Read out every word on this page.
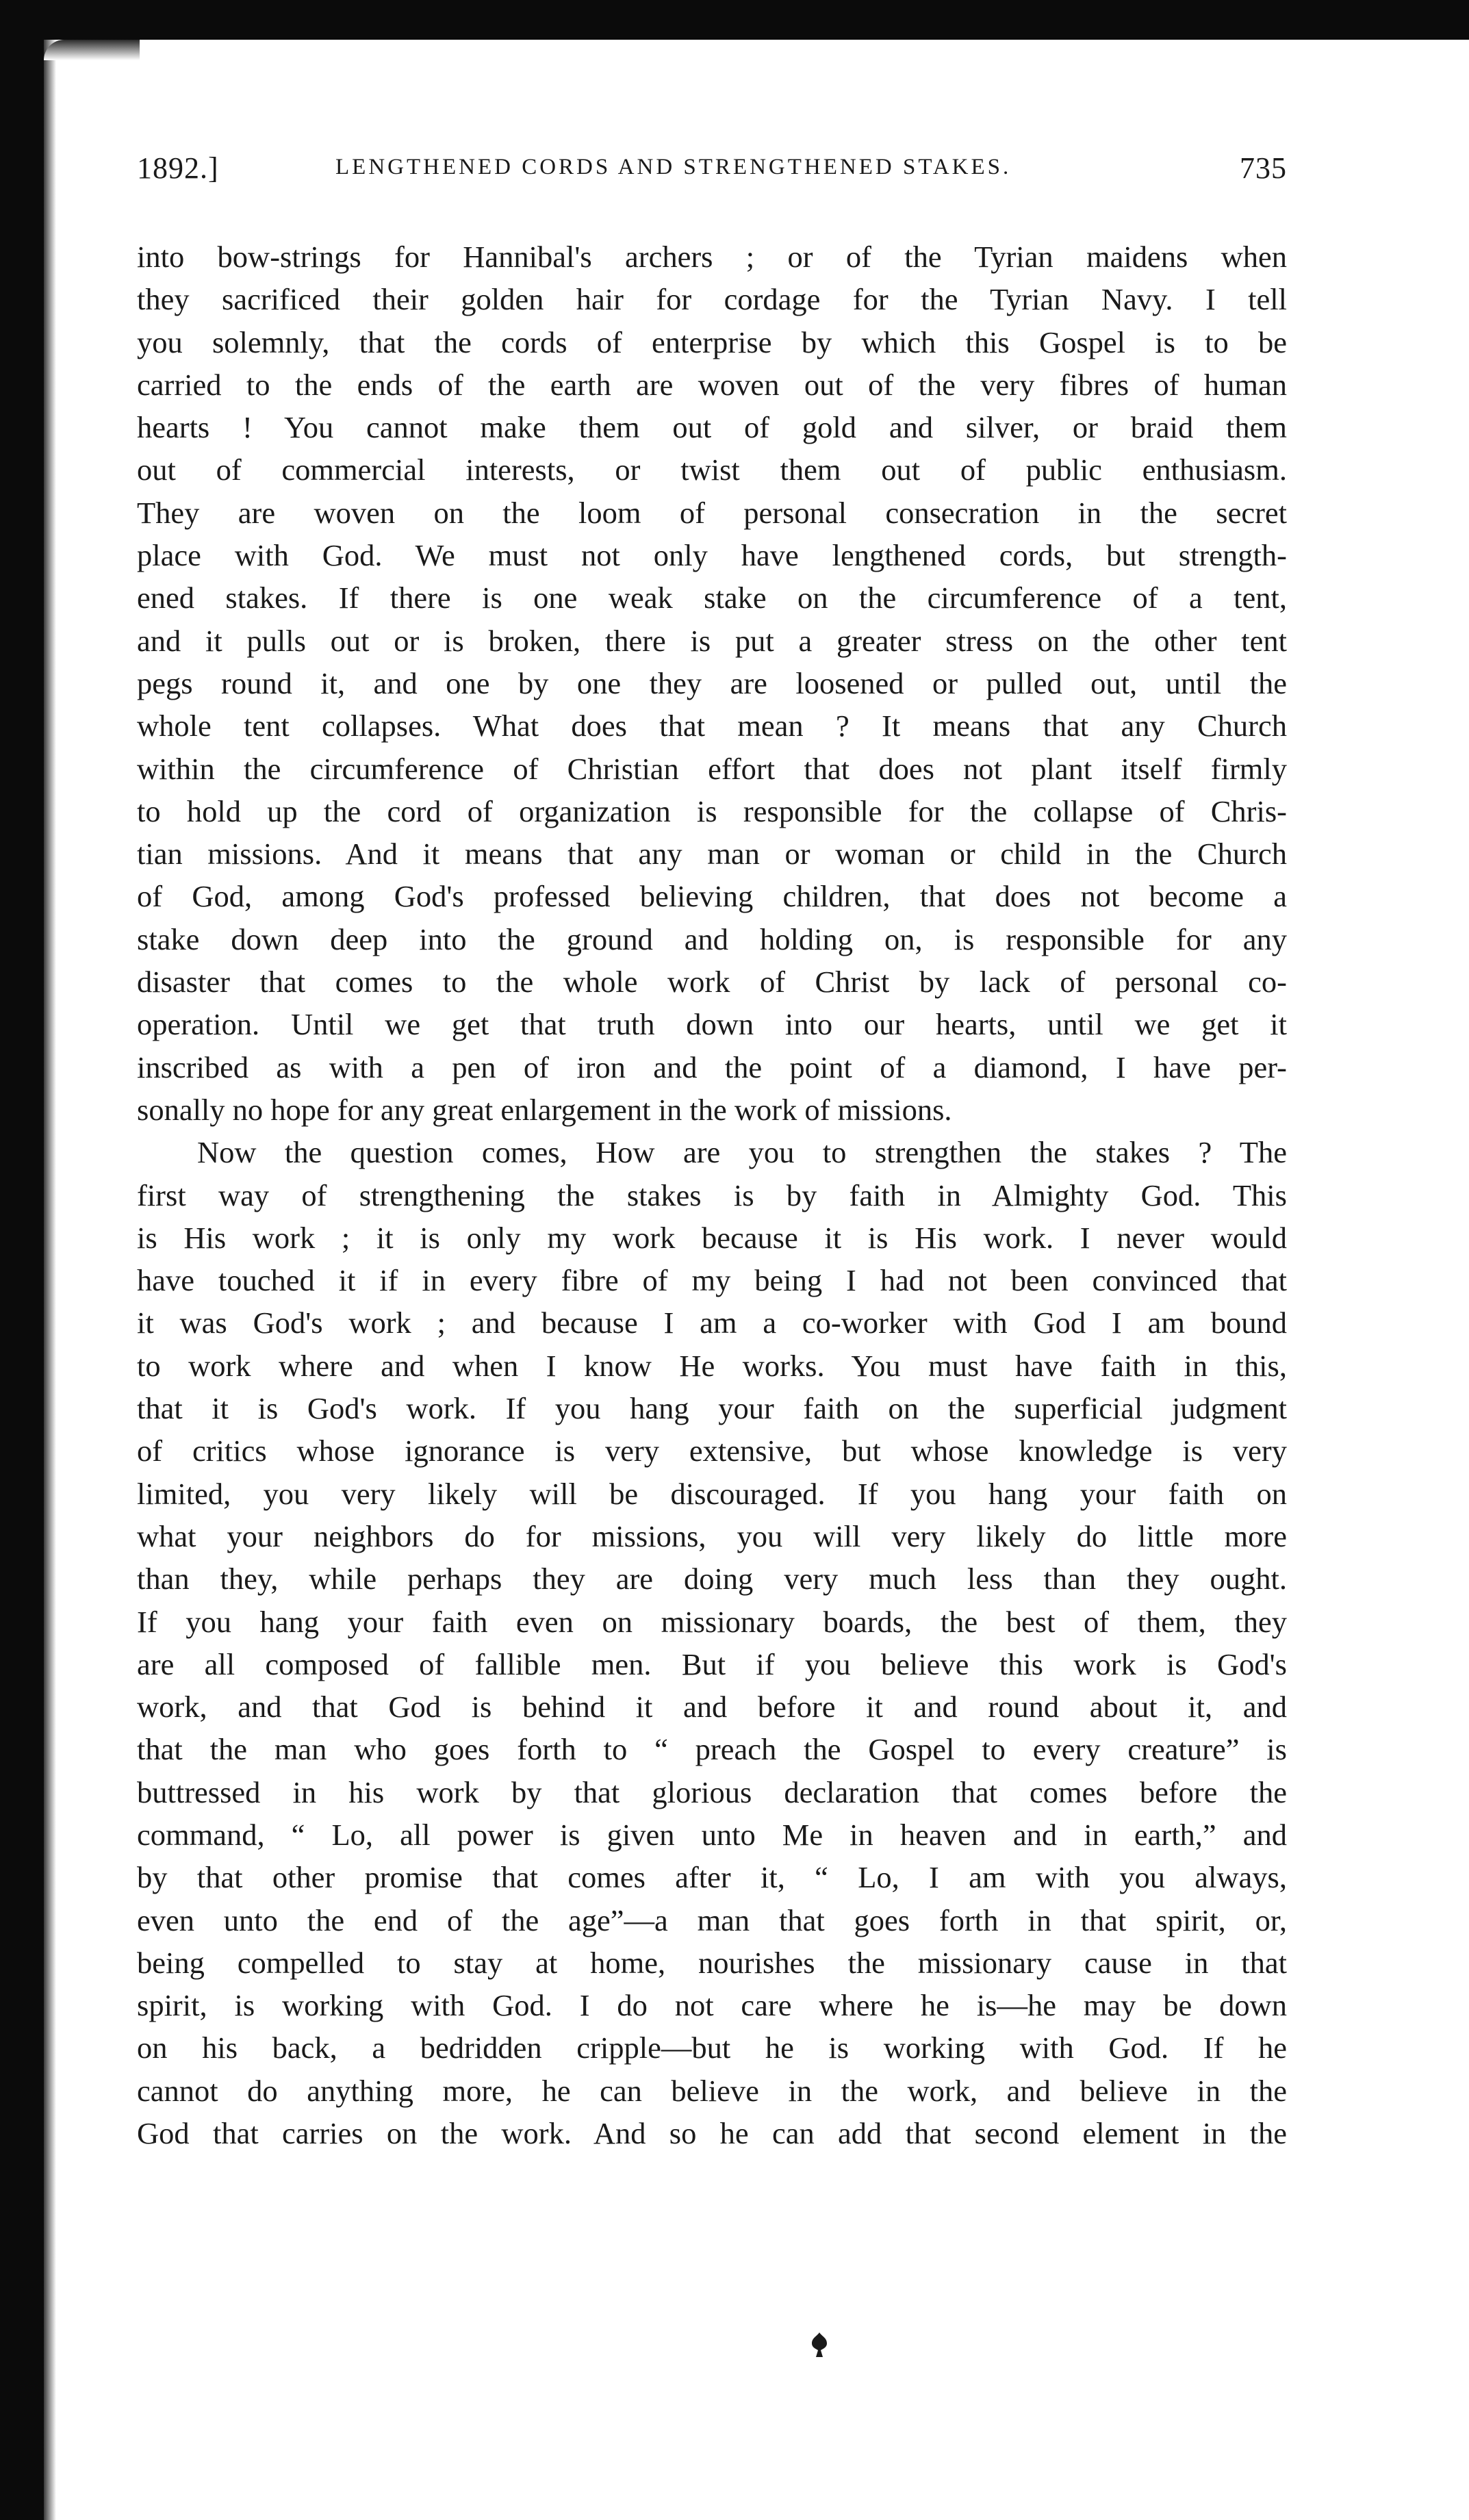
1892.]	LENGTHENED CORDS AND STRENGTHENED STAKES.	735

into bow-strings for Hannibal's archers ; or of the Tyrian maidens when
they sacrificed their golden hair for cordage for the Tyrian Navy. I tell
you solemnly, that the cords of enterprise by which this Gospel is to be
carried to the ends of the earth are woven out of the very fibres of human
hearts ! You cannot make them out of gold and silver, or braid them
out of commercial interests, or twist them out of public enthusiasm.
They are woven on the loom of personal consecration in the secret
place with God. We must not only have lengthened cords, but strength-
ened stakes. If there is one weak stake on the circumference of a tent,
and it pulls out or is broken, there is put a greater stress on the other tent
pegs round it, and one by one they are loosened or pulled out, until the
whole tent collapses. What does that mean ? It means that any Church
within the circumference of Christian effort that does not plant itself firmly
to hold up the cord of organization is responsible for the collapse of Chris-
tian missions. And it means that any man or woman or child in the Church
of God, among God's professed believing children, that does not become a
stake down deep into the ground and holding on, is responsible for any
disaster that comes to the whole work of Christ by lack of personal co-
operation. Until we get that truth down into our hearts, until we get it
inscribed as with a pen of iron and the point of a diamond, I have per-
sonally no hope for any great enlargement in the work of missions.

Now the question comes, How are you to strengthen the stakes ? The
first way of strengthening the stakes is by faith in Almighty God. This
is His work ; it is only my work because it is His work. I never would
have touched it if in every fibre of my being I had not been convinced that
it was God's work ; and because I am a co-worker with God I am bound
to work where and when I know He works. You must have faith in this,
that it is God's work. If you hang your faith on the superficial judgment
of critics whose ignorance is very extensive, but whose knowledge is very
limited, you very likely will be discouraged. If you hang your faith on
what your neighbors do for missions, you will very likely do little more
than they, while perhaps they are doing very much less than they ought.
If you hang your faith even on missionary boards, the best of them, they
are all composed of fallible men. But if you believe this work is God's
work, and that God is behind it and before it and round about it, and
that the man who goes forth to “ preach the Gospel to every creature” is
buttressed in his work by that glorious declaration that comes before the
command, “ Lo, all power is given unto Me in heaven and in earth,” and
by that other promise that comes after it, “ Lo, I am with you always,
even unto the end of the age”—a man that goes forth in that spirit, or,
being compelled to stay at home, nourishes the missionary cause in that
spirit, is working with God. I do not care where he is—he may be down
on his back, a bedridden cripple—but he is working with God. If he
cannot do anything more, he can believe in the work, and believe in the
God that carries on the work. And so he can add that second element in the
